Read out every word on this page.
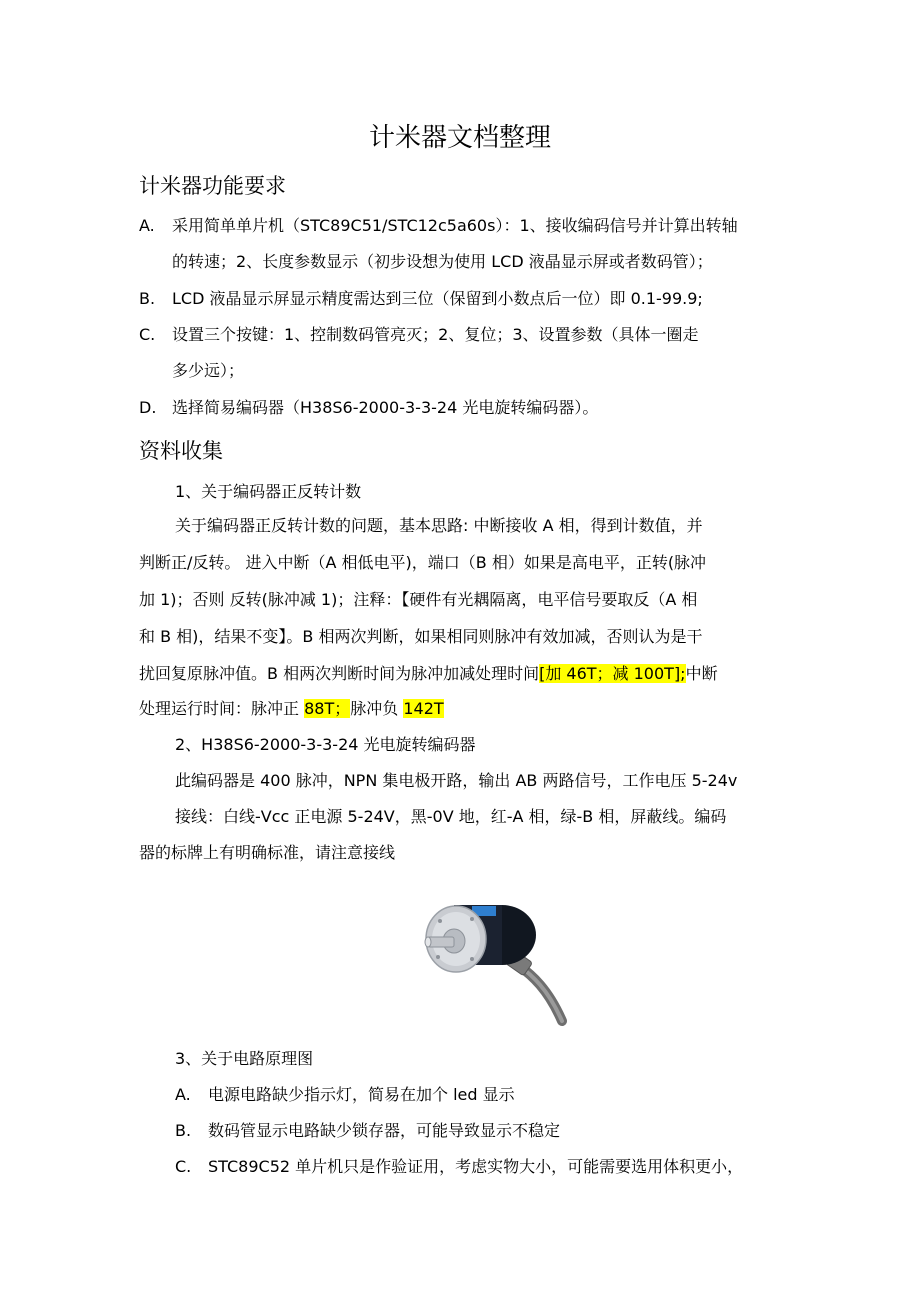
计米器文档整理
计米器功能要求
A.	采用简单单片机（STC89C51/STC12c5a60s）：1、接收编码信号并计算出转轴
的转速；2、长度参数显示（初步设想为使用 LCD 液晶显示屏或者数码管）；
B.	LCD 液晶显示屏显示精度需达到三位（保留到小数点后一位）即 0.1-99.9;
C.	设置三个按键：1、控制数码管亮灭；2、复位；3、设置参数（具体一圈走
多少远）；
D. 选择简易编码器（H38S6-2000-3-3-24 光电旋转编码器）。
资料收集
1、关于编码器正反转计数
关于编码器正反转计数的问题，基本思路: 中断接收 A 相，得到计数值，并
判断正/反转。 进入中断（A 相低电平)，端口（B 相）如果是高电平，正转(脉冲
加 1)；否则 反转(脉冲减 1)；注释：【硬件有光耦隔离，电平信号要取反（A 相
和 B 相)，结果不变】。B 相两次判断，如果相同则脉冲有效加减，否则认为是干
扰回复原脉冲值。B 相两次判断时间为脉冲加减处理时间[加 46T；减 100T];中断
处理运行时间：脉冲正 88T；脉冲负 142T
2、H38S6-2000-3-3-24 光电旋转编码器
此编码器是 400 脉冲，NPN 集电极开路，输出 AB 两路信号，工作电压 5-24v
接线：白线-Vcc 正电源 5-24V，黑-0V 地，红-A 相，绿-B 相，屏蔽线。编码
器的标牌上有明确标准，请注意接线
3、关于电路原理图
A.	电源电路缺少指示灯，简易在加个 led 显示
B.	数码管显示电路缺少锁存器，可能导致显示不稳定
C.	STC89C52 单片机只是作验证用，考虑实物大小，可能需要选用体积更小，
